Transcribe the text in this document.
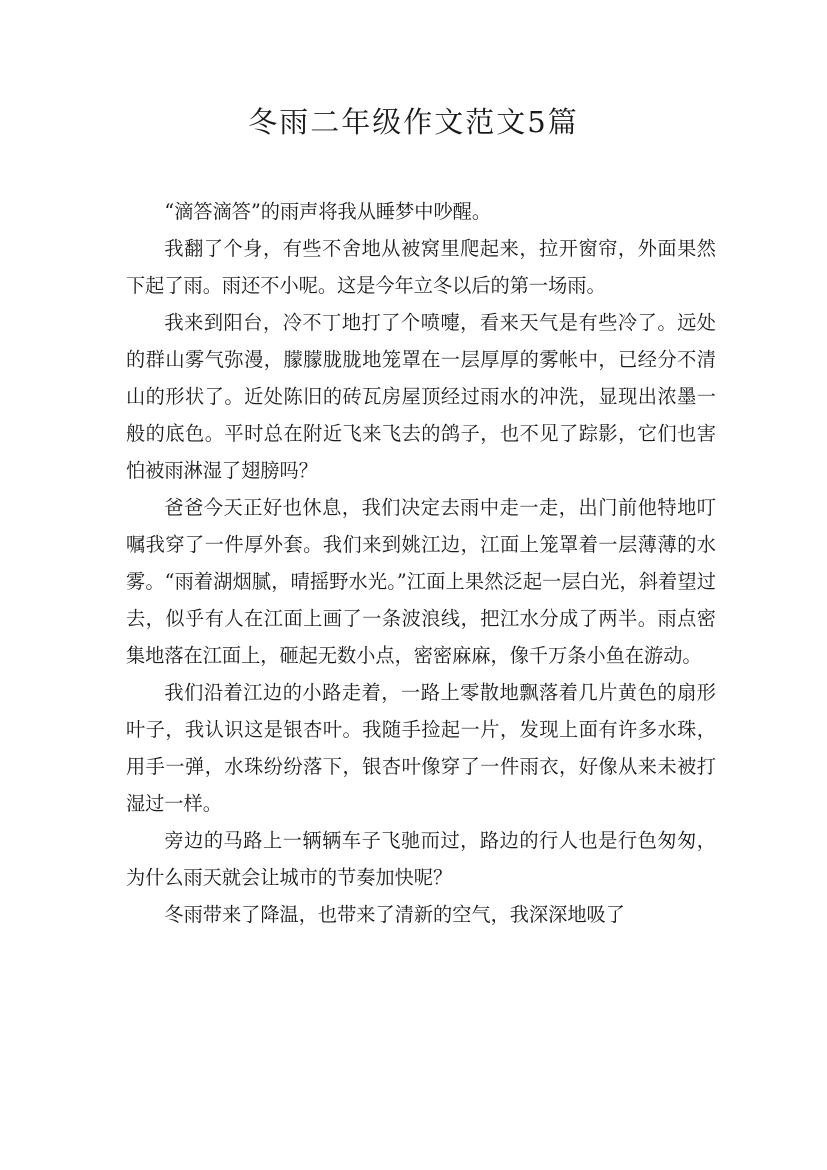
冬雨二年级作文范文5篇

“滴答滴答”的雨声将我从睡梦中吵醒。

我翻了个身，有些不舍地从被窝里爬起来，拉开窗帘，外面果然下起了雨。雨还不小呢。这是今年立冬以后的第一场雨。

我来到阳台，冷不丁地打了个喷嚏，看来天气是有些冷了。远处的群山雾气弥漫，朦朦胧胧地笼罩在一层厚厚的雾帐中，已经分不清山的形状了。近处陈旧的砖瓦房屋顶经过雨水的冲洗，显现出浓墨一般的底色。平时总在附近飞来飞去的鸽子，也不见了踪影，它们也害怕被雨淋湿了翅膀吗？

爸爸今天正好也休息，我们决定去雨中走一走，出门前他特地叮嘱我穿了一件厚外套。我们来到姚江边，江面上笼罩着一层薄薄的水雾。“雨着湖烟腻，晴摇野水光。”江面上果然泛起一层白光，斜着望过去，似乎有人在江面上画了一条波浪线，把江水分成了两半。雨点密集地落在江面上，砸起无数小点，密密麻麻，像千万条小鱼在游动。

我们沿着江边的小路走着，一路上零散地飘落着几片黄色的扇形叶子，我认识这是银杏叶。我随手捡起一片，发现上面有许多水珠，用手一弹，水珠纷纷落下，银杏叶像穿了一件雨衣，好像从来未被打湿过一样。

旁边的马路上一辆辆车子飞驰而过，路边的行人也是行色匆匆，为什么雨天就会让城市的节奏加快呢？

冬雨带来了降温，也带来了清新的空气，我深深地吸了
